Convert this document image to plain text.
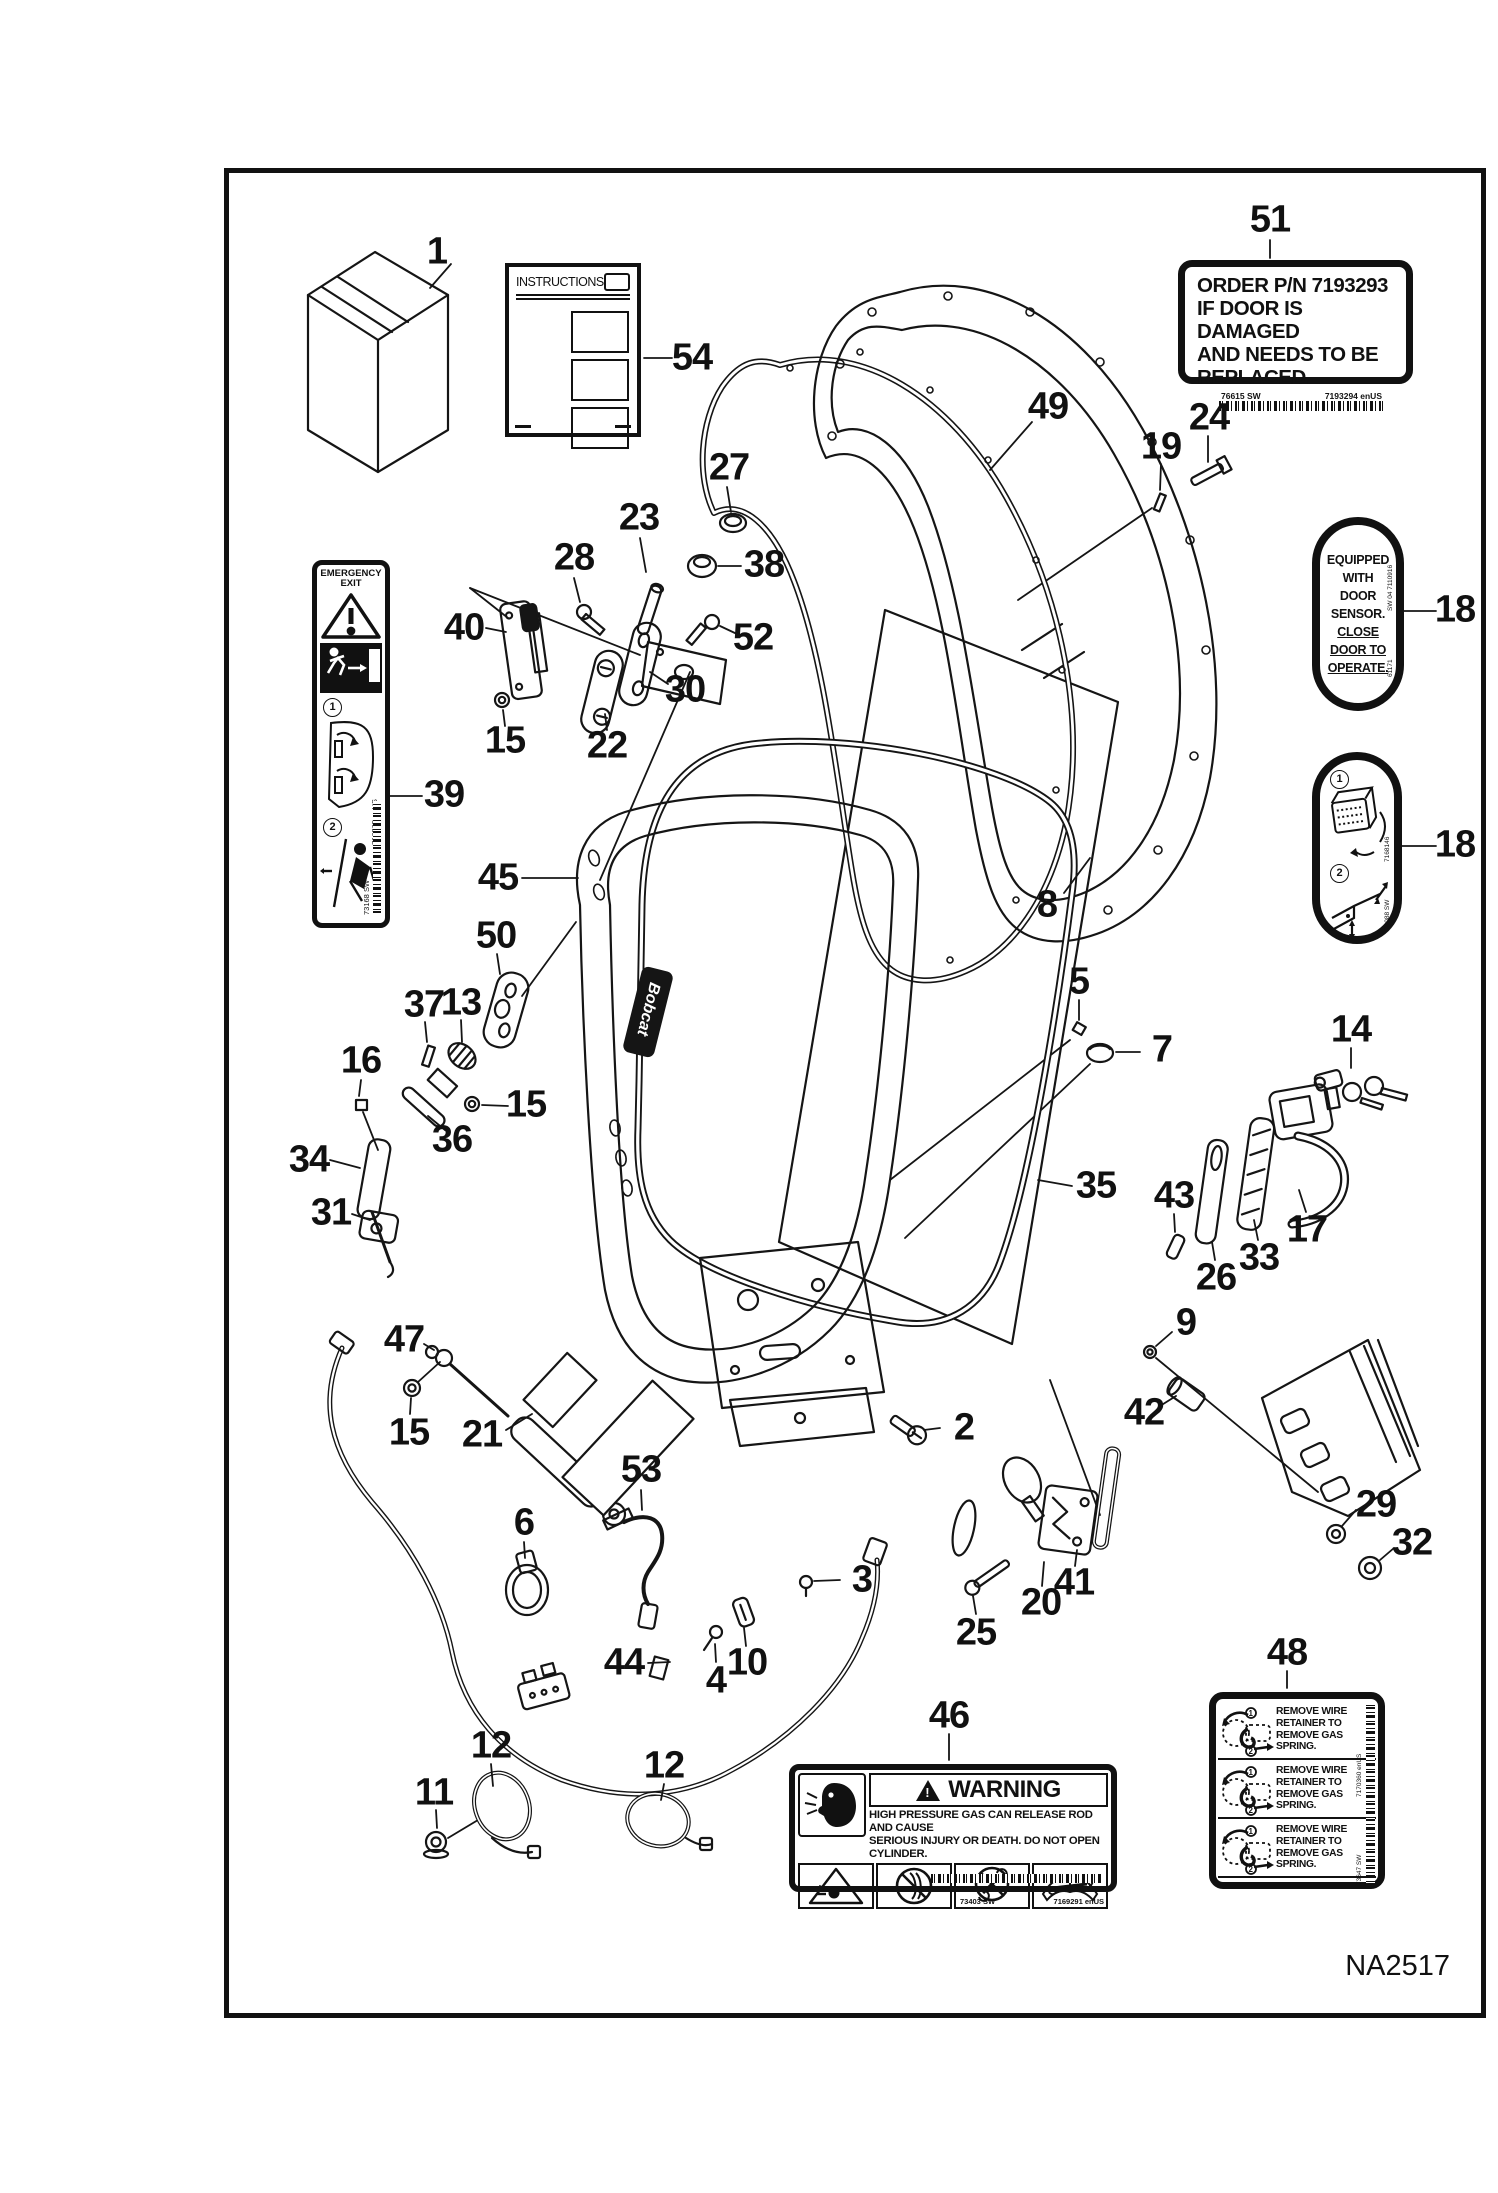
Bobcat
ORDER P/N 7193293
IF DOOR IS DAMAGED
AND NEEDS TO BE
REPLACED.
76615 SW	7193294 enUS
INSTRUCTIONS
EMERGENCY
EXIT
1
2
73168 SW
EQUIPPED
WITH
DOOR
SENSOR.
CLOSE
DOOR TO
OPERATE.
SW 04 7110916
61171
1
2
7168146
74088 SW
!
WARNING
HIGH PRESSURE GAS CAN RELEASE ROD AND CAUSE
SERIOUS INJURY OR DEATH. DO NOT OPEN CYLINDER.
73403 SW	7169291 enUS
1
2
REMOVE WIRE RETAINER TO REMOVE GAS SPRING.
1
2
REMOVE WIRE RETAINER TO REMOVE GAS SPRING.
1
2
REMOVE WIRE RETAINER TO REMOVE GAS SPRING.
7170360 enUS
73647 SW
NA2517
1
54
51
49	24
19
27
23
38
28
40	52
30
22
15
18
18
39
8
45
50
37
13
16
15
36
34
31
5
7	14
35 43
26 33
17
9
42
29
32
47
15 21	2
53
6
3
44 4 10
25
20
41
12
11
12
46
48
